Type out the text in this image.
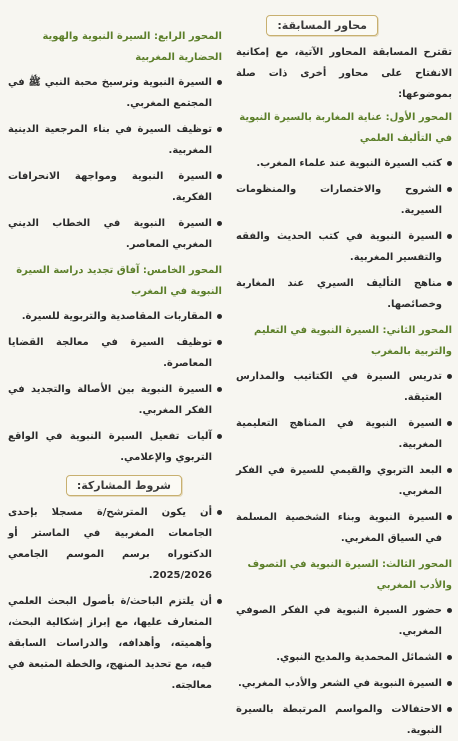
محاور المسابقة:

تقترح المسابقة المحاور الآتية، مع إمكانية الانفتاح على محاور أخرى ذات صلة بموضوعها:

المحور الأول: عناية المغاربة بالسيرة النبوية في التأليف العلمي
كتب السيرة النبوية عند علماء المغرب.
الشروح والاختصارات والمنظومات السيرية.
السيرة النبوية في كتب الحديث والفقه والتفسير المغربية.
مناهج التأليف السيري عند المغاربة وخصائصها.
المحور الثاني: السيرة النبوية في التعليم والتربية بالمغرب
تدريس السيرة في الكتاتيب والمدارس العتيقة.
السيرة النبوية في المناهج التعليمية المغربية.
البعد التربوي والقيمي للسيرة في الفكر المغربي.
السيرة النبوية وبناء الشخصية المسلمة في السياق المغربي.
المحور الثالث: السيرة النبوية في التصوف والأدب المغربي
حضور السيرة النبوية في الفكر الصوفي المغربي.
الشمائل المحمدية والمديح النبوي.
السيرة النبوية في الشعر والأدب المغربي.
الاحتفالات والمواسم المرتبطة بالسيرة النبوية.
المحور الرابع: السيرة النبوية والهوية الحضارية المغربية
السيرة النبوية وترسيخ محبة النبي ﷺ في المجتمع المغربي.
توظيف السيرة في بناء المرجعية الدينية المغربية.
السيرة النبوية ومواجهة الانحرافات الفكرية.
السيرة النبوية في الخطاب الديني المغربي المعاصر.
المحور الخامس: آفاق تجديد دراسة السيرة النبوية في المغرب
المقاربات المقاصدية والتربوية للسيرة.
توظيف السيرة في معالجة القضايا المعاصرة.
السيرة النبوية بين الأصالة والتجديد في الفكر المغربي.
آليات تفعيل السيرة النبوية في الواقع التربوي والإعلامي.
شروط المشاركة:
أن يكون المترشح/ة مسجلا بإحدى الجامعات المغربية في الماستر أو الدكتوراه برسم الموسم الجامعي 2025/2026.
أن يلتزم الباحث/ة بأصول البحث العلمي المتعارف عليها، مع إبراز إشكالية البحث، وأهميته، وأهدافه، والدراسات السابقة فيه، مع تحديد المنهج، والخطة المتبعة في معالجته.
